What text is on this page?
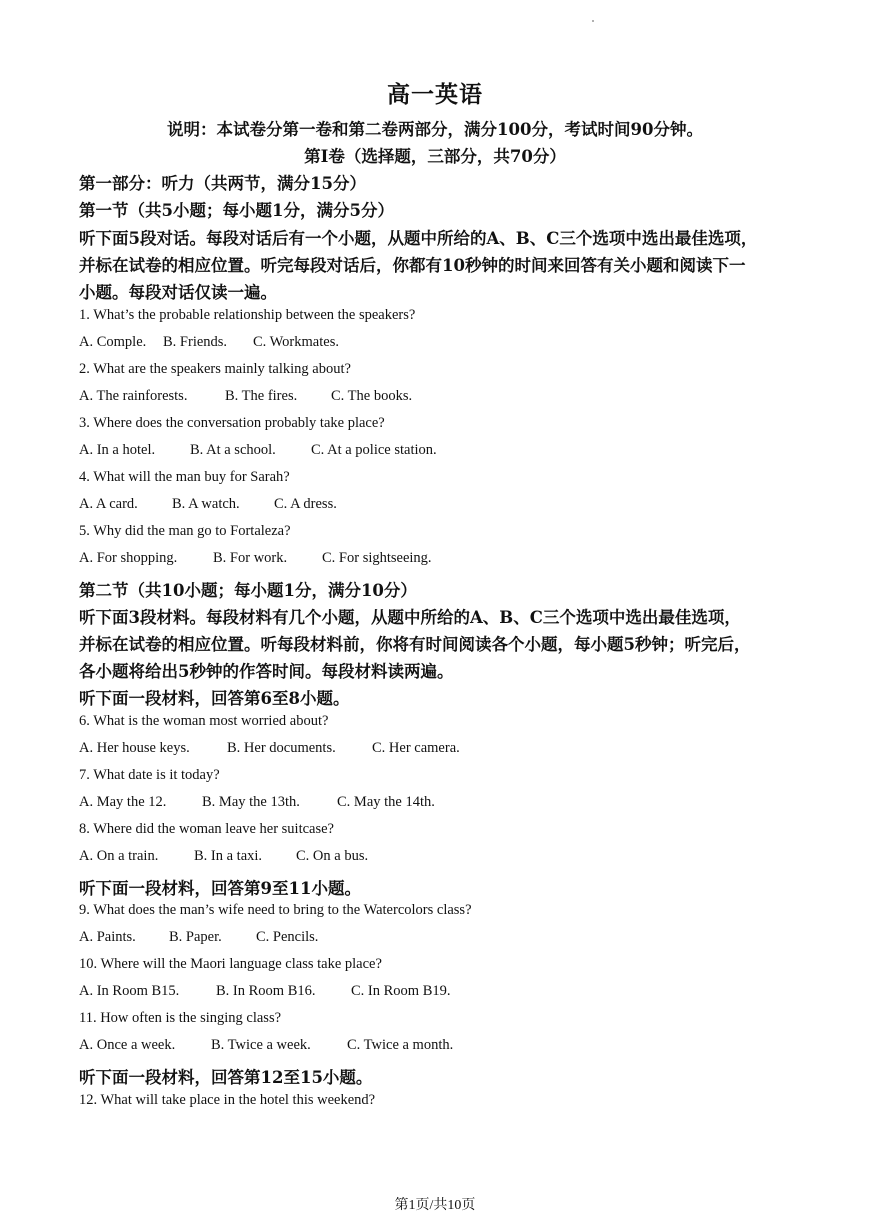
高一英语
说明：本试卷分第一卷和第二卷两部分，满分100分，考试时间90分钟。
第Ⅰ卷（选择题，三部分，共70分）
第一部分：听力（共两节，满分15分）
第一节（共5小题；每小题1分，满分5分）
听下面5段对话。每段对话后有一个小题，从题中所给的A、B、C三个选项中选出最佳选项，
并标在试卷的相应位置。听完每段对话后，你都有10秒钟的时间来回答有关小题和阅读下一
小题。每段对话仅读一遍。
1. What’s the probable relationship between the speakers?
A. Comple. B. Friends. C. Workmates.
2. What are the speakers mainly talking about?
A. The rainforests.	B. The fires. C. The books.
3. Where does the conversation probably take place?
A. In a hotel. B. At a school. C. At a police station.
4. What will the man buy for Sarah?
A. A card. B. A watch. C. A dress.
5. Why did the man go to Fortaleza?
A. For shopping. B. For work. C. For sightseeing.
第二节（共10小题；每小题1分，满分10分）
听下面3段材料。每段材料有几个小题，从题中所给的A、B、C三个选项中选出最佳选项，
并标在试卷的相应位置。听每段材料前，你将有时间阅读各个小题，每小题5秒钟；听完后，
各小题将给出5秒钟的作答时间。每段材料读两遍。
听下面一段材料，回答第6至8小题。
6. What is the woman most worried about?
A. Her house keys.	B. Her documents.	C. Her camera.
7. What date is it today?
A. May the 12. B. May the 13th.	C. May the 14th.
8. Where did the woman leave her suitcase?
A. On a train. B. In a taxi. C. On a bus.
听下面一段材料，回答第9至11小题。
9. What does the man’s wife need to bring to the Watercolors class?
A. Paints. B. Paper. C. Pencils.
10. Where will the Maori language class take place?
A. In Room B15.	B. In Room B16. C. In Room B19.
11. How often is the singing class?
A. Once a week. B. Twice a week. C. Twice a month.
听下面一段材料，回答第12至15小题。
12. What will take place in the hotel this weekend?
第1页/共10页
